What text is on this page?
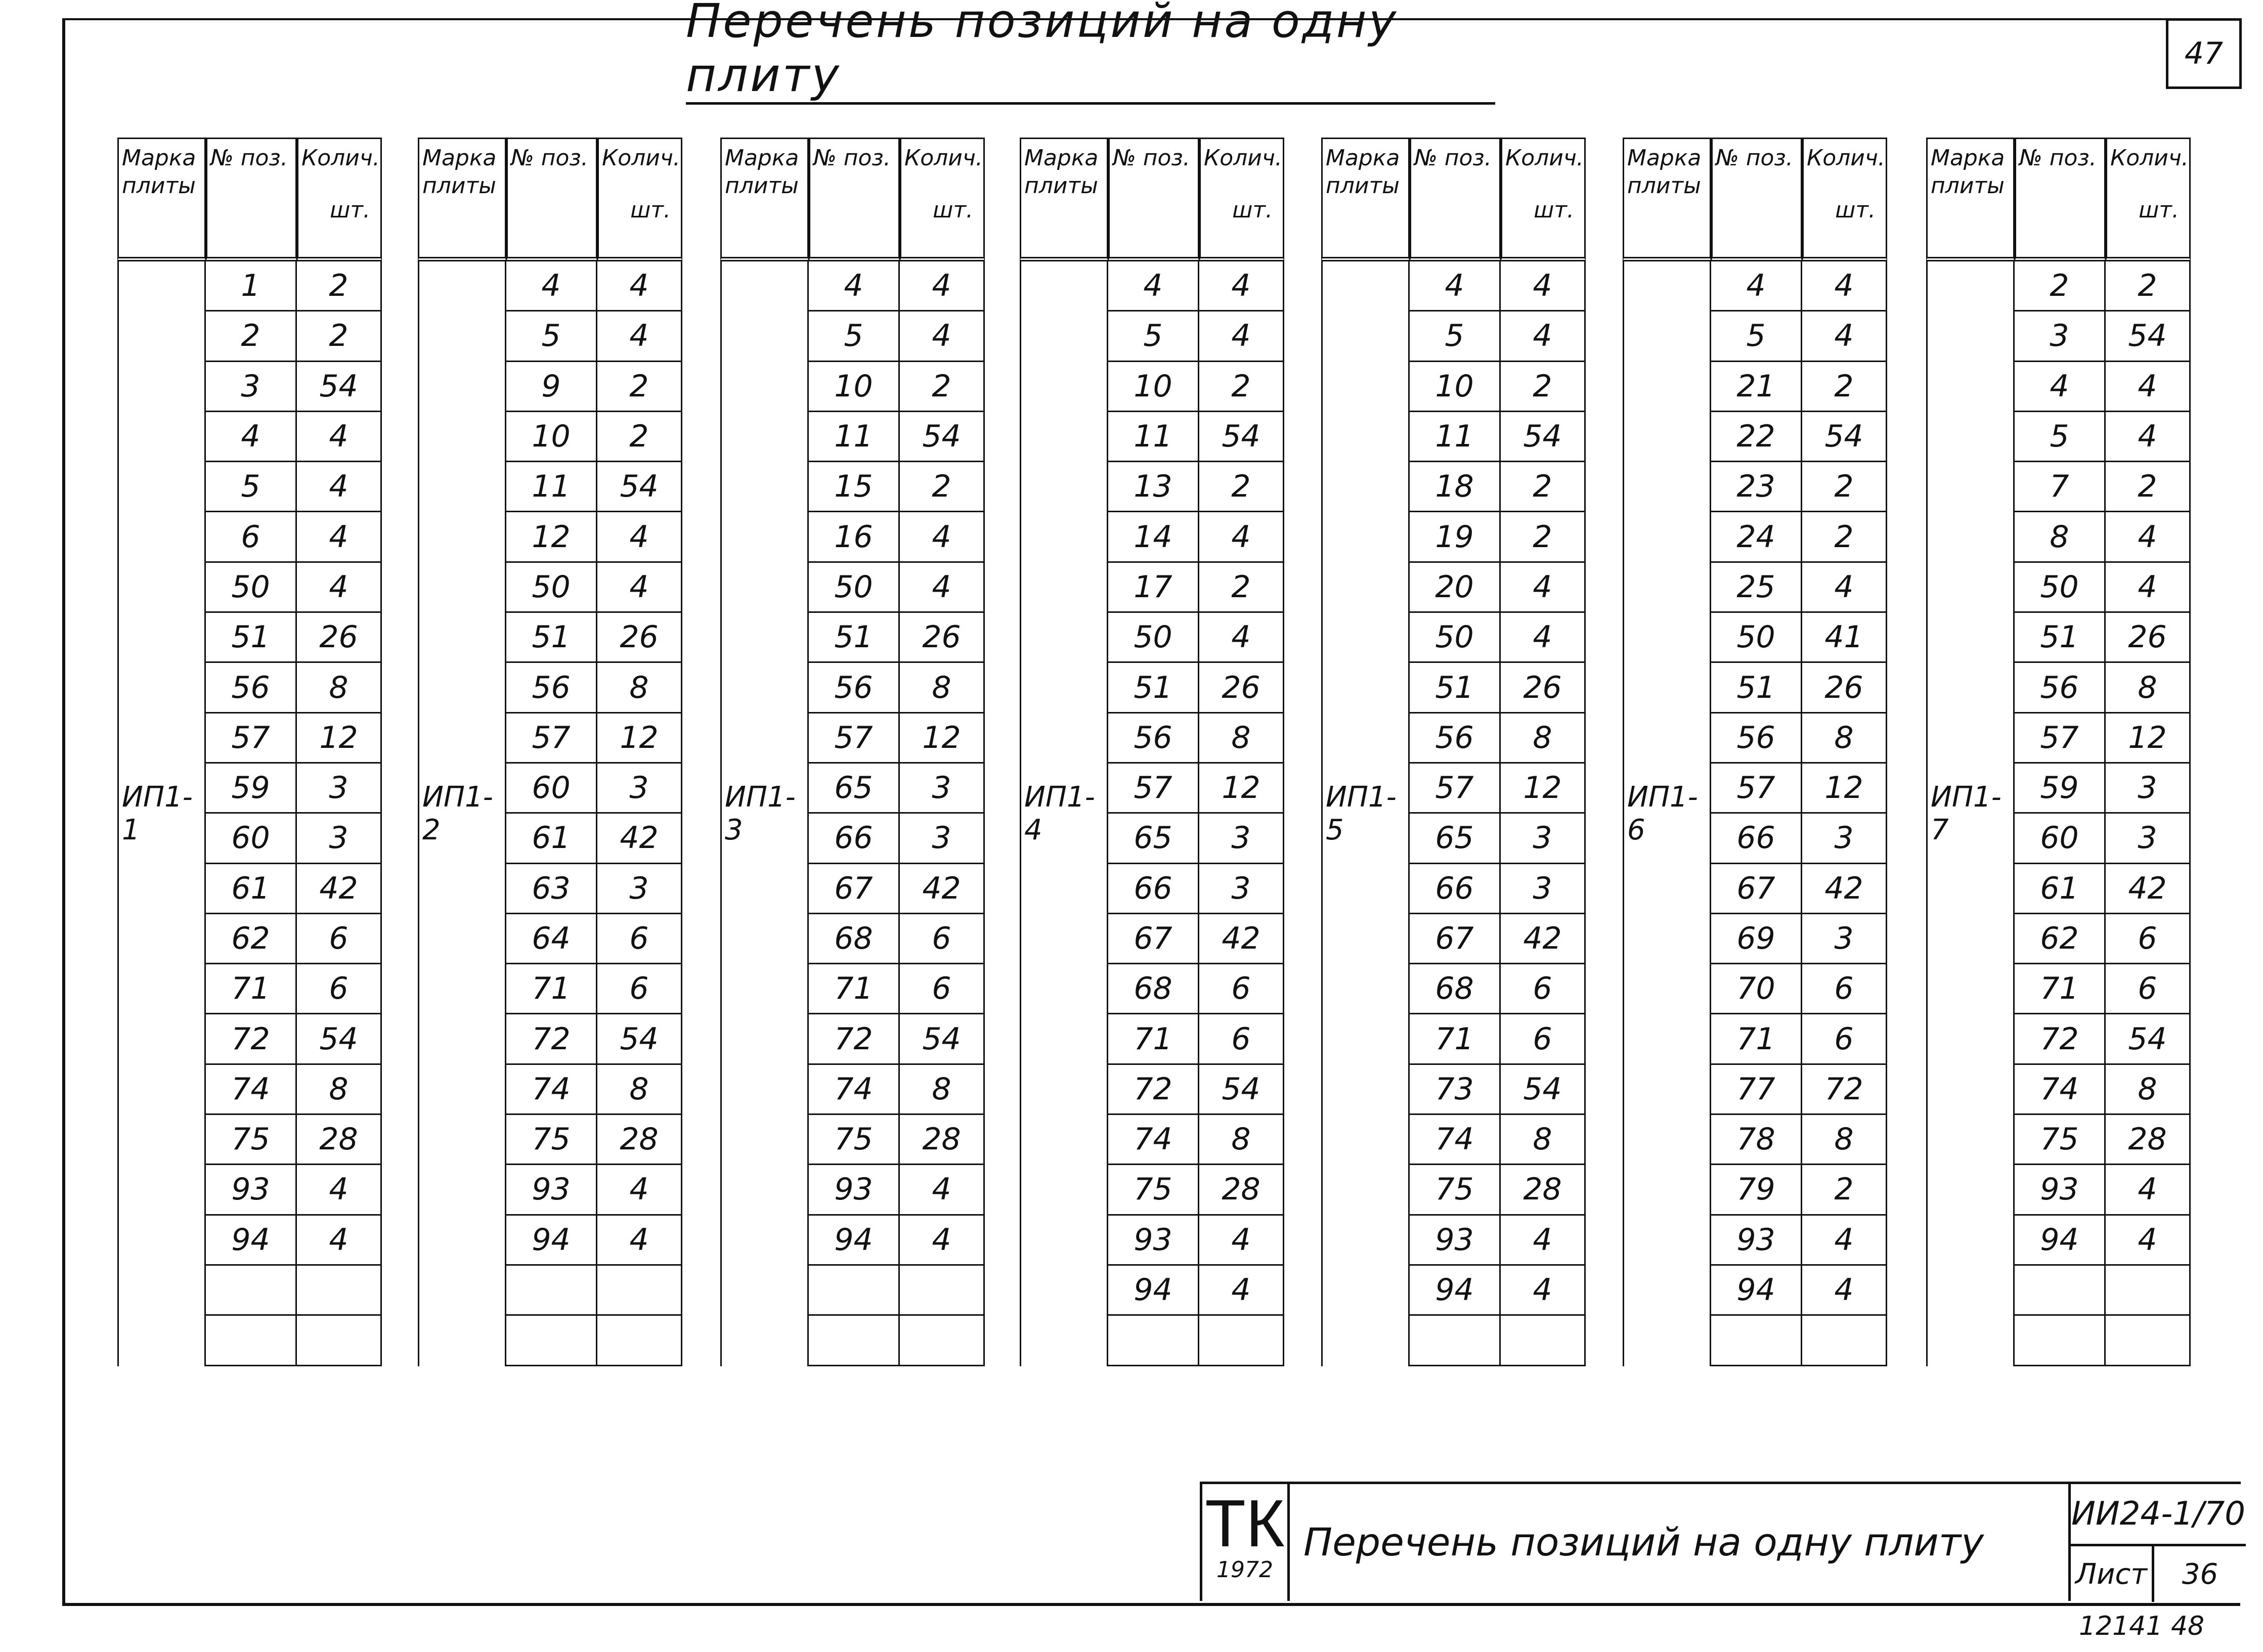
47
Перечень позиций на одну плиту
Марка плиты
№ поз. Колич.
шт.
ИП1-1
1	2
2	2
3	54
4	4
5	4
6	4
50	4
51	26
56	8
57	12
59	3
60	3
61	42
62	6
71	6
72	54
74	8
75	28
93	4
94	4
Марка плиты
№ поз. Колич.
шт.
ИП1-2
4	4
5	4
9	2
10	2
11	54
12	4
50	4
51	26
56	8
57	12
60	3
61	42
63	3
64	6
71	6
72	54
74	8
75	28
93	4
94	4
Марка плиты
№ поз. Колич.
шт.
ИП1-3
4	4
5	4
10	2
11	54
15	2
16	4
50	4
51	26
56	8
57	12
65	3
66	3
67	42
68	6
71	6
72	54
74	8
75	28
93	4
94	4
Марка плиты
№ поз. Колич.
шт.
ИП1-4
4	4
5	4
10	2
11	54
13	2
14	4
17	2
50	4
51	26
56	8
57	12
65	3
66	3
67	42
68	6
71	6
72	54
74	8
75	28
93	4
94	4
Марка плиты
№ поз. Колич.
шт.
ИП1-5
4	4
5	4
10	2
11	54
18	2
19	2
20	4
50	4
51	26
56	8
57	12
65	3
66	3
67	42
68	6
71	6
73	54
74	8
75	28
93	4
94	4
Марка плиты
№ поз. Колич.
шт.
ИП1-6
4	4
5	4
21	2
22	54
23	2
24	2
25	4
50	41
51	26
56	8
57	12
66	3
67	42
69	3
70	6
71	6
77	72
78	8
79	2
93	4
94	4
Марка плиты
№ поз. Колич.
шт.
ИП1-7
2	2
3	54
4	4
5	4
7	2
8	4
50	4
51	26
56	8
57	12
59	3
60	3
61	42
62	6
71	6
72	54
74	8
75	28
93	4
94	4
ТК
1972
Перечень позиций на одну плиту
ИИ24-1/70
Лист	36
12141 48
